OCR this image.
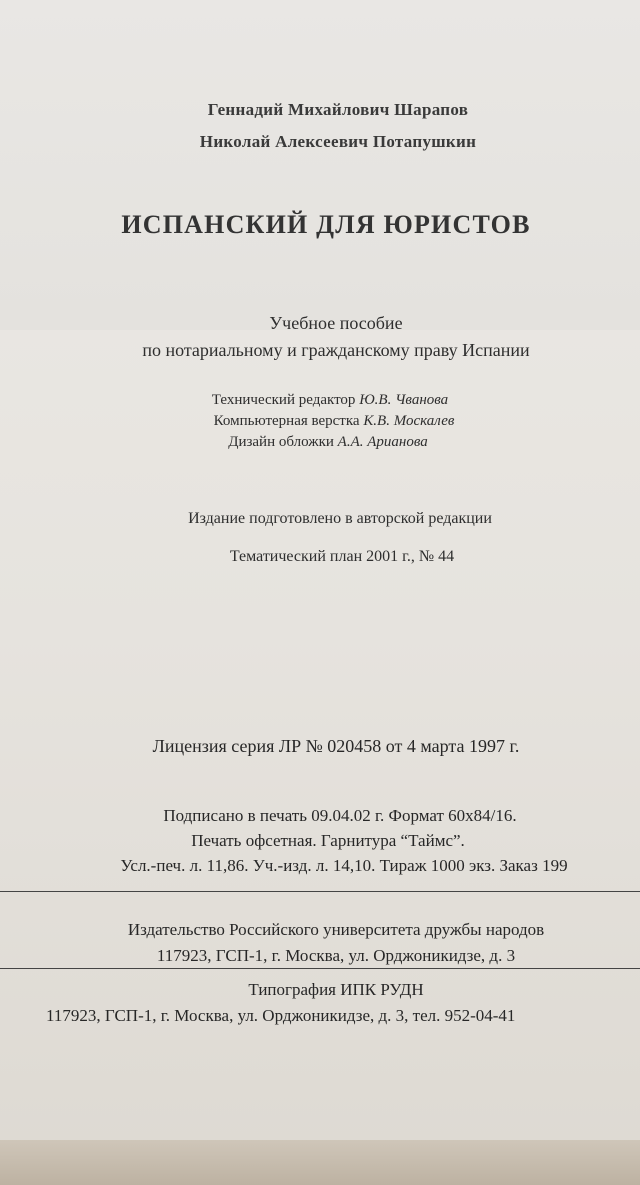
Геннадий Михайлович Шарапов
Николай Алексеевич Потапушкин
ИСПАНСКИЙ ДЛЯ ЮРИСТОВ
Учебное пособие
по нотариальному и гражданскому праву Испании
Технический редактор Ю.В. Чванова
Компьютерная верстка К.В. Москалев
Дизайн обложки А.А. Арианова
Издание подготовлено в авторской редакции
Тематический план 2001 г., № 44
Лицензия серия ЛР № 020458 от 4 марта 1997 г.
Подписано в печать 09.04.02 г. Формат 60x84/16.
Печать офсетная. Гарнитура “Таймс”.
Усл.-печ. л. 11,86. Уч.-изд. л. 14,10. Тираж 1000 экз. Заказ 199
Издательство Российского университета дружбы народов
117923, ГСП-1, г. Москва, ул. Орджоникидзе, д. 3
Типография ИПК РУДН
117923, ГСП-1, г. Москва, ул. Орджоникидзе, д. 3, тел. 952-04-41
